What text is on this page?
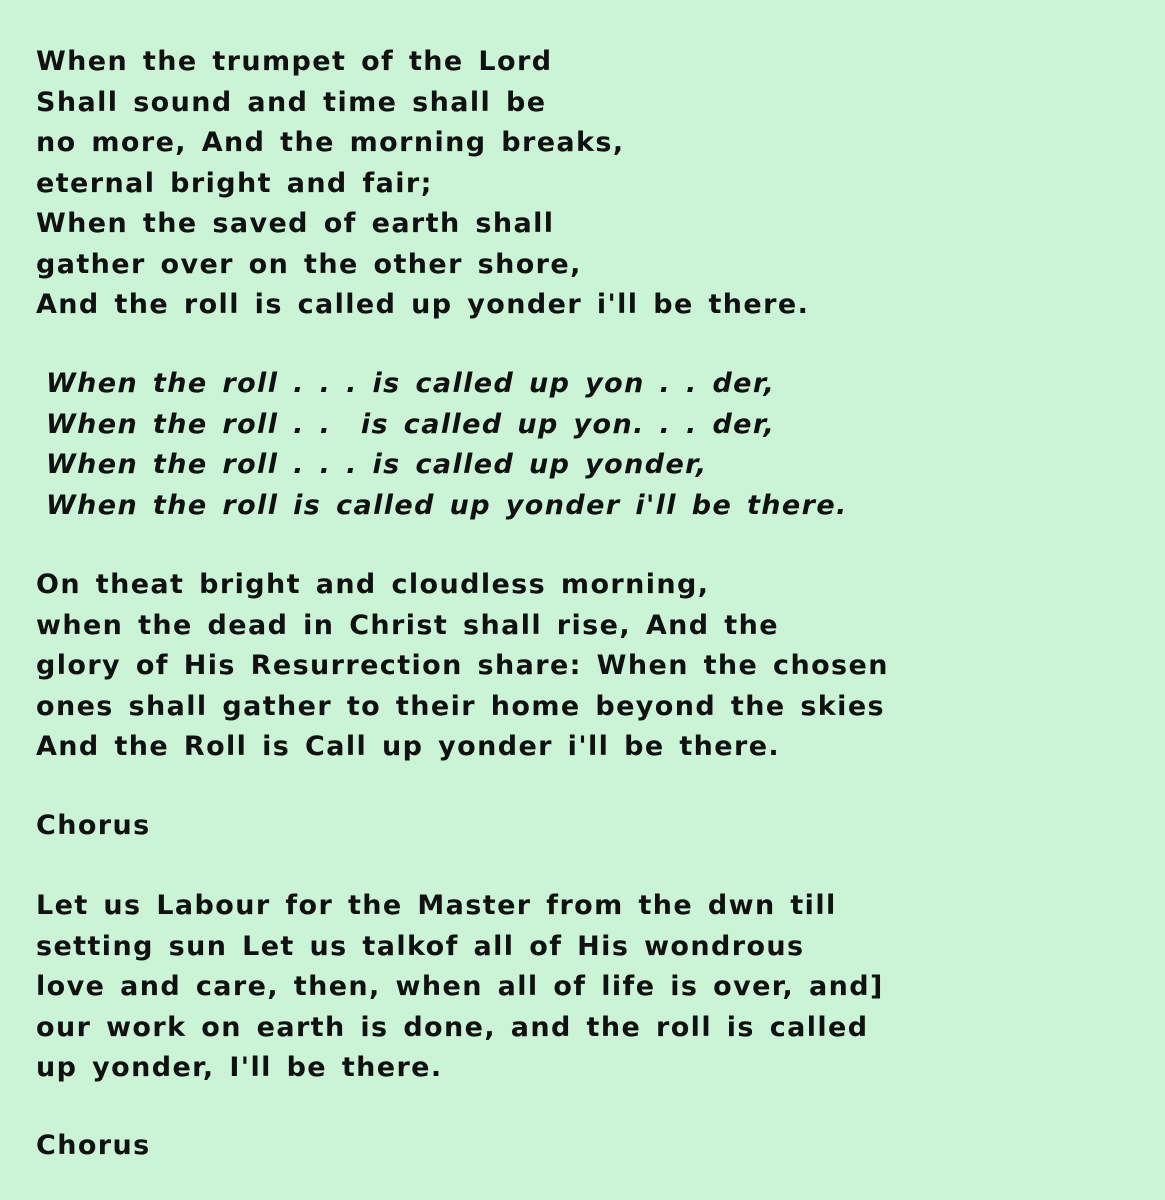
When the trumpet of the Lord
Shall sound and time shall be
no more, And the morning breaks,
eternal bright and fair;
When the saved of earth shall
gather over on the other shore,
And the roll is called up yonder i'll be there.
When the roll . . . is called up yon . . der,
When the roll . .  is called up yon. . . der,
When the roll . . . is called up yonder,
When the roll is called up yonder i'll be there.
On theat bright and cloudless morning,
when the dead in Christ shall rise, And the
glory of His Resurrection share: When the chosen
ones shall gather to their home beyond the skies
And the Roll is Call up yonder i'll be there.
Chorus
Let us Labour for the Master from the dwn till
setting sun Let us talkof all of His wondrous
love and care, then, when all of life is over, and]
our work on earth is done, and the roll is called
up yonder, I'll be there.
Chorus
